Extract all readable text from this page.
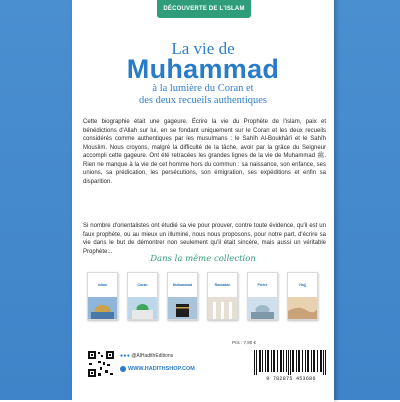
DÉCOUVERTE DE L'ISLAM
La vie de
Muhammad
à la lumière du Coran et
des deux recueils authentiques
Cette biographie était une gageure. Écrire la vie du Prophète de l'islam, paix et bénédictions d'Allah sur lui, en se fondant uniquement sur le Coran et les deux recueils considérés comme authentiques par les musulmans : le Sahîh Al-Boukhârî et le Sahîh Mouslim. Nous croyons, malgré la difficulté de la tâche, avoir par la grâce du Seigneur accompli cette gageure. Ont été retracées les grandes lignes de la vie de Muhammad ﷺ. Rien ne manque à la vie de cet homme hors du commun : sa naissance, son enfance, ses unions, sa prédication, les persécutions, son émigration, ses expéditions et enfin sa disparition.
Si nombre d'orientalistes ont étudié sa vie pour prouver, contre toute évidence, qu'il est un faux prophète, ou au mieux un illuminé, nous nous proposons, pour notre part, d'écrire sa vie dans le but de démontrer non seulement qu'il était sincère, mais aussi un véritable Prophète...
Dans la même collection
Islam	Coran	Muhammad	Ramadan	Prière	Hajj
Prix : 7,90 €
● ● ● @AlHadithEditions
WWW.HADITHSHOP.COM
9 782875 453686
